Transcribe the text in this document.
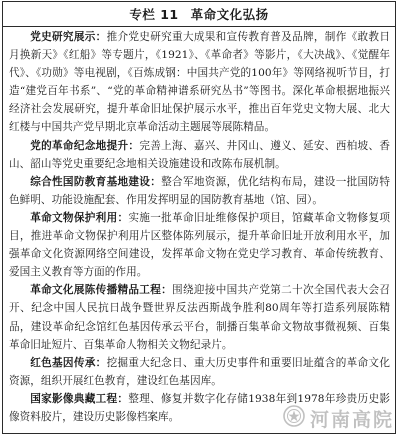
专栏 11 革命文化弘扬

党史研究展示：推介党史研究重大成果和宣传教育普及品牌，制作《敢教日月换新天》《红船》等专题片，《1921》、《革命者》等影片，《大决战》、《觉醒年代》、《功勋》等电视剧，《百炼成钢：中国共产党的100年》等网络视听节目，打造“建党百年书系”、“党的革命精神谱系研究丛书”等图书。深化革命根据地振兴经济社会发展研究，提升革命旧址保护展示水平，推出百年党史文物大展、北大红楼与中国共产党早期北京革命活动主题展等展陈精品。

党的革命纪念地提升：完善上海、嘉兴、井冈山、遵义、延安、西柏坡、香山、韶山等党史重要纪念地相关设施建设和改陈布展机制。

综合性国防教育基地建设：整合军地资源，优化结构布局，建设一批国防特色鲜明、功能设施配套、作用发挥明显的国防教育基地（馆、园）。

革命文物保护利用：实施一批革命旧址维修保护项目，馆藏革命文物修复项目，推进革命文物保护利用片区整体陈列展示，提升革命旧址开放利用水平，加强革命文化资源网络空间建设，发挥革命文物在党史学习教育、革命传统教育、爱国主义教育等方面的作用。

革命文化展陈传播精品工程：围绕迎接中国共产党第二十次全国代表大会召开、纪念中国人民抗日战争暨世界反法西斯战争胜利80周年等打造系列展陈精品，建设革命纪念馆红色基因传承云平台，制播百集革命文物故事微视频、百集革命旧址短片、百集革命人物相关文物纪录片。

红色基因传承：挖掘重大纪念日、重大历史事件和重要旧址蕴含的革命文化资源，组织开展红色教育，建设红色基因库。

国家影像典藏工程：整理、修复并数字化存储1938年到1978年珍贵历史影像资料胶片，建设历史影像档案库。	河南高院
